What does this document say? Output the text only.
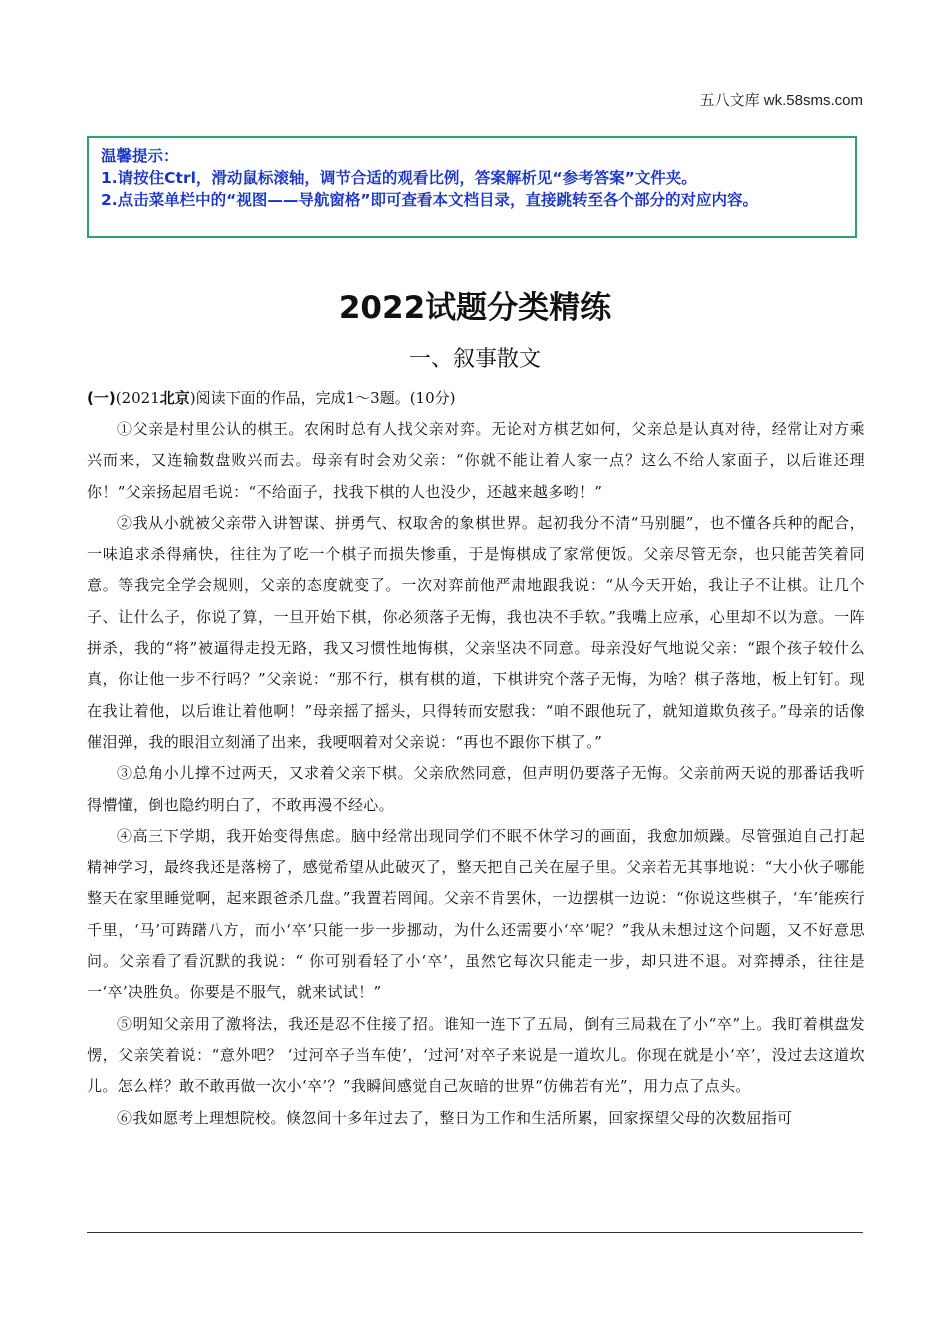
五八文库 wk.58sms.com
温馨提示：
1.请按住Ctrl，滑动鼠标滚轴，调节合适的观看比例，答案解析见“参考答案”文件夹。
2.点击菜单栏中的“视图——导航窗格”即可查看本文档目录，直接跳转至各个部分的对应内容。
2022试题分类精练
一、叙事散文
(一)(2021北京)阅读下面的作品，完成1～3题。(10分)

①父亲是村里公认的棋王。农闲时总有人找父亲对弈。无论对方棋艺如何，父亲总是认真对待，经常让对方乘兴而来，又连输数盘败兴而去。母亲有时会劝父亲：“你就不能让着人家一点？这么不给人家面子，以后谁还理你！”父亲扬起眉毛说：“不给面子，找我下棋的人也没少，还越来越多哟！”

②我从小就被父亲带入讲智谋、拼勇气、权取舍的象棋世界。起初我分不清“马别腿”，也不懂各兵种的配合，一味追求杀得痛快，往往为了吃一个棋子而损失惨重，于是悔棋成了家常便饭。父亲尽管无奈，也只能苦笑着同意。等我完全学会规则，父亲的态度就变了。一次对弈前他严肃地跟我说：“从今天开始，我让子不让棋。让几个子、让什么子，你说了算，一旦开始下棋，你必须落子无悔，我也决不手软。”我嘴上应承，心里却不以为意。一阵拼杀，我的“将”被逼得走投无路，我又习惯性地悔棋，父亲坚决不同意。母亲没好气地说父亲：“跟个孩子较什么真，你让他一步不行吗？”父亲说：“那不行，棋有棋的道，下棋讲究个落子无悔，为啥？棋子落地，板上钉钉。现在我让着他，以后谁让着他啊！”母亲摇了摇头，只得转而安慰我：“咱不跟他玩了，就知道欺负孩子。”母亲的话像催泪弹，我的眼泪立刻涌了出来，我哽咽着对父亲说：“再也不跟你下棋了。”

③总角小儿撑不过两天，又求着父亲下棋。父亲欣然同意，但声明仍要落子无悔。父亲前两天说的那番话我听得懵懂，倒也隐约明白了，不敢再漫不经心。

④高三下学期，我开始变得焦虑。脑中经常出现同学们不眠不休学习的画面，我愈加烦躁。尽管强迫自己打起精神学习，最终我还是落榜了，感觉希望从此破灭了，整天把自己关在屋子里。父亲若无其事地说：“大小伙子哪能整天在家里睡觉啊，起来跟爸杀几盘。”我置若罔闻。父亲不肯罢休，一边摆棋一边说：“你说这些棋子，‘车’能疾行千里，‘马’可踌躇八方，而小‘卒’只能一步一步挪动，为什么还需要小‘卒’呢？”我从未想过这个问题，又不好意思问。父亲看了看沉默的我说：“ 你可别看轻了小‘卒’，虽然它每次只能走一步，却只进不退。对弈搏杀，往往是一‘卒’决胜负。你要是不服气，就来试试！”

⑤明知父亲用了激将法，我还是忍不住接了招。谁知一连下了五局，倒有三局栽在了小“卒”上。我盯着棋盘发愣，父亲笑着说：“意外吧？ ‘过河卒子当车使’，‘过河’对卒子来说是一道坎儿。你现在就是小‘卒’，没过去这道坎儿。怎么样？敢不敢再做一次小‘卒’？”我瞬间感觉自己灰暗的世界“仿佛若有光”，用力点了点头。

⑥我如愿考上理想院校。倏忽间十多年过去了，整日为工作和生活所累，回家探望父母的次数屈指可
